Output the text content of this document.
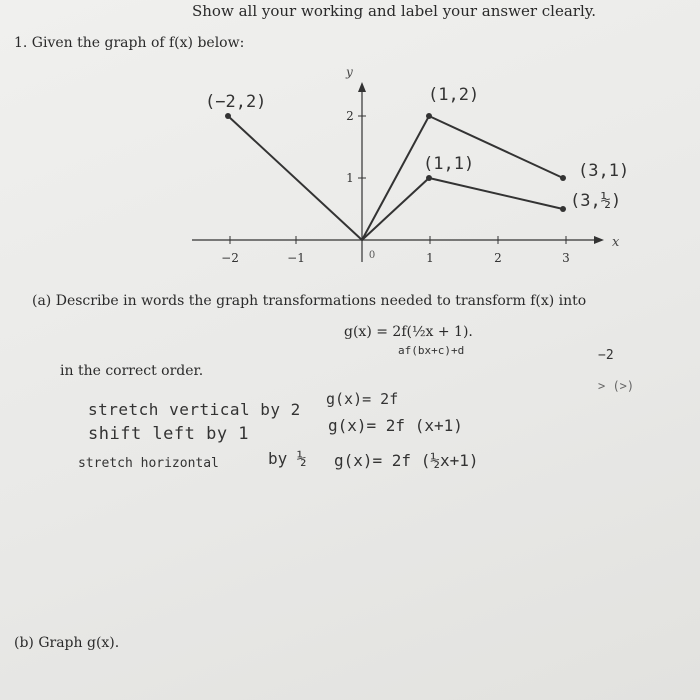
Show all your working and label your answer clearly.
1. Given the graph of f(x) below:
y
x
−2	−1	1	2	3
1
2
0
(−2,2)	(1,2)
(1,1)	(3,1)
(3,½)
(a) Describe in words the graph transformations needed to transform f(x) into
g(x) = 2f(½x + 1).
af(bx+c)+d	−2
> (>)
in the correct order.
stretch vertical by 2
g(x)= 2f
shift left by 1	g(x)= 2f (x+1)
stretch horizontal	by ½ g(x)= 2f (½x+1)
(b) Graph g(x).
